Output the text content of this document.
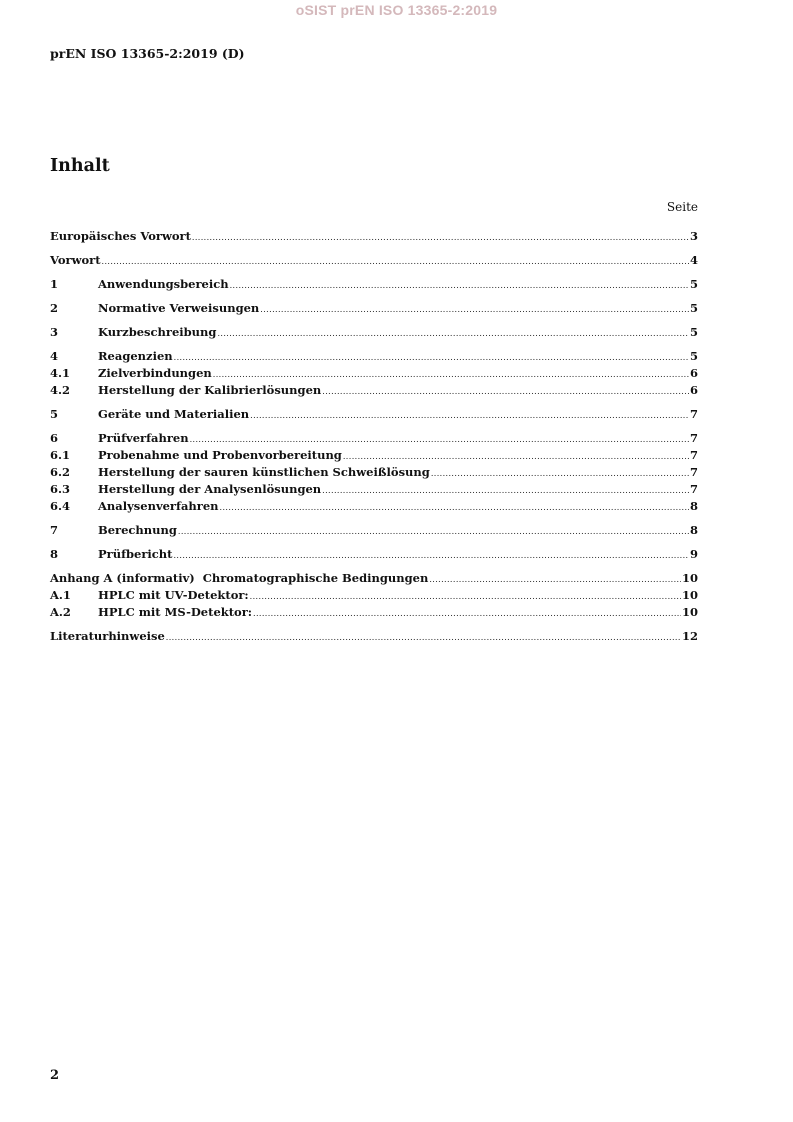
oSIST prEN ISO 13365-2:2019
prEN ISO 13365-2:2019 (D)
Inhalt
Seite
Europäisches Vorwort .....	3
Vorwort .....	4
1	Anwendungsbereich .....	5
2	Normative Verweisungen .....	5
3	Kurzbeschreibung .....	5
4	Reagenzien .....	5
4.1	Zielverbindungen .....	6
4.2	Herstellung der Kalibrierlösungen .....	6
5	Geräte und Materialien .....	7
6	Prüfverfahren .....	7
6.1	Probenahme und Probenvorbereitung .....	7
6.2	Herstellung der sauren künstlichen Schweißlösung .....	7
6.3	Herstellung der Analysenlösungen .....	7
6.4	Analysenverfahren .....	8
7	Berechnung .....	8
8	Prüfbericht .....	9
Anhang A (informativ)  Chromatographische Bedingungen .....	10
A.1	HPLC mit UV-Detektor: .....	10
A.2	HPLC mit MS-Detektor: .....	10
Literaturhinweise .....	12
2
